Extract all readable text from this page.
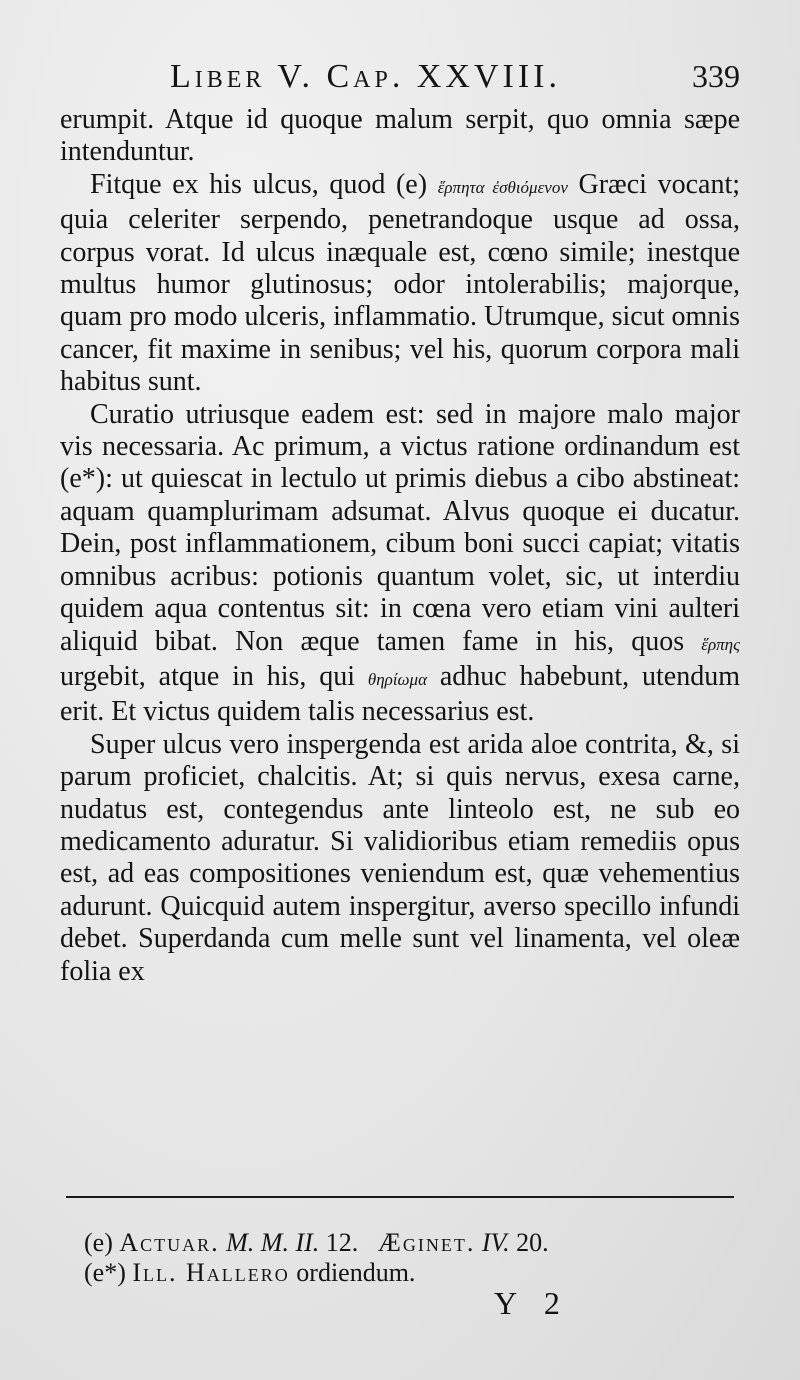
Liber V. Cap. XXVIII.	339

erumpit. Atque id quoque malum serpit, quo omnia sæpe intenduntur.

Fitque ex his ulcus, quod (e) ἕρπητα ἐσθιόμενον Græci vocant; quia celeriter serpendo, penetrandoque usque ad ossa, corpus vorat. Id ulcus inæquale est, cœno simile; inestque multus humor glutinosus; odor intolerabilis; majorque, quam pro modo ulceris, inflammatio. Utrumque, sicut omnis cancer, fit maxime in senibus; vel his, quorum corpora mali habitus sunt.

Curatio utriusque eadem est: sed in majore malo major vis necessaria. Ac primum, a victus ratione ordinandum est (e*): ut quiescat in lectulo ut primis diebus a cibo abstineat: aquam quamplurimam adsumat. Alvus quoque ei ducatur. Dein, post inflammationem, cibum boni succi capiat; vitatis omnibus acribus: potionis quantum volet, sic, ut interdiu quidem aqua contentus sit: in cœna vero etiam vini aulteri aliquid bibat. Non æque tamen fame in his, quos ἕρπης urgebit, atque in his, qui θηρίωμα adhuc habebunt, utendum erit. Et victus quidem talis necessarius est.

Super ulcus vero inspergenda est arida aloe contrita, &, si parum proficiet, chalcitis. At; si quis nervus, exesa carne, nudatus est, contegendus ante linteolo est, ne sub eo medicamento aduratur. Si validioribus etiam remediis opus est, ad eas compositiones veniendum est, quæ vehementius adurunt. Quicquid autem inspergitur, averso specillo infundi debet. Superdanda cum melle sunt vel linamenta, vel oleæ folia ex

(e) Actuar. M. M. II. 12. Æginet. IV. 20.
(e*) Ill. Hallero ordiendum.
Y 2
